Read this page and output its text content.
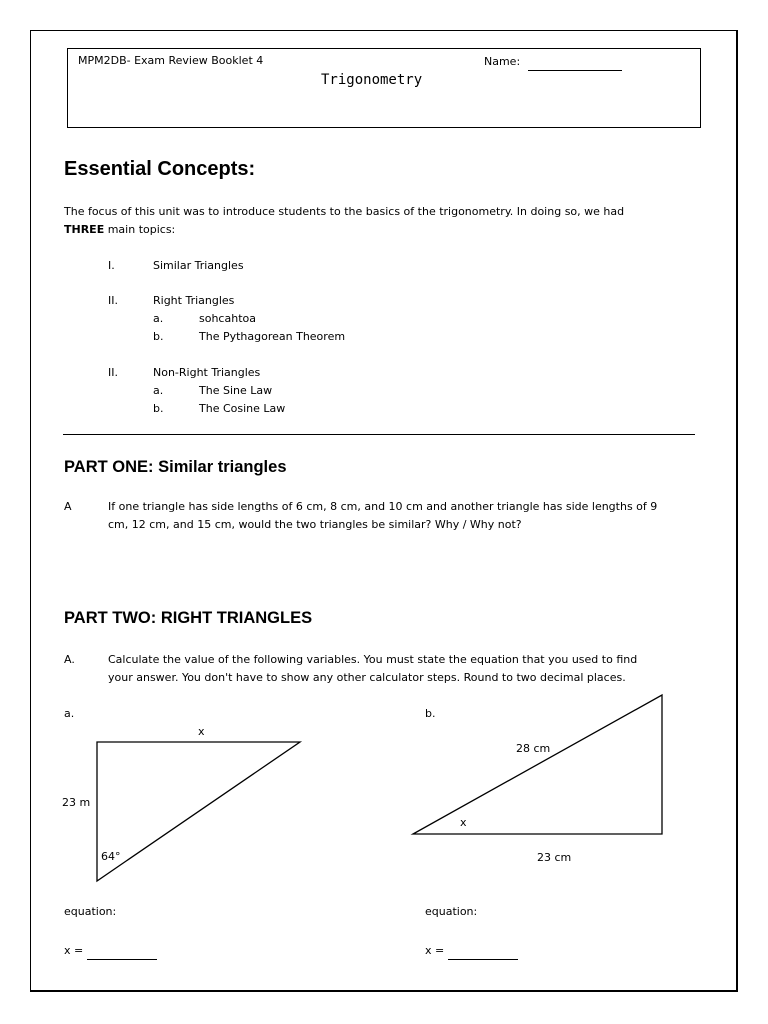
MPM2DB- Exam Review Booklet 4	Name:
Trigonometry
Essential Concepts:
The focus of this unit was to introduce students to the basics of the trigonometry. In doing so, we had
THREE main topics:
I.	Similar Triangles
II.	Right Triangles
a.	sohcahtoa
b.	The Pythagorean Theorem
II.	Non-Right Triangles
a.	The Sine Law
b.	The Cosine Law
PART ONE: Similar triangles
A	If one triangle has side lengths of 6 cm, 8 cm, and 10 cm and another triangle has side lengths of 9
cm, 12 cm, and 15 cm, would the two triangles be similar? Why / Why not?
PART TWO: RIGHT TRIANGLES
A.	Calculate the value of the following variables. You must state the equation that you used to find
your answer. You don't have to show any other calculator steps. Round to two decimal places.
a.
x
23 m
64°
28 cm
23 cm
x
equation:
x =
b.
equation:
x =
